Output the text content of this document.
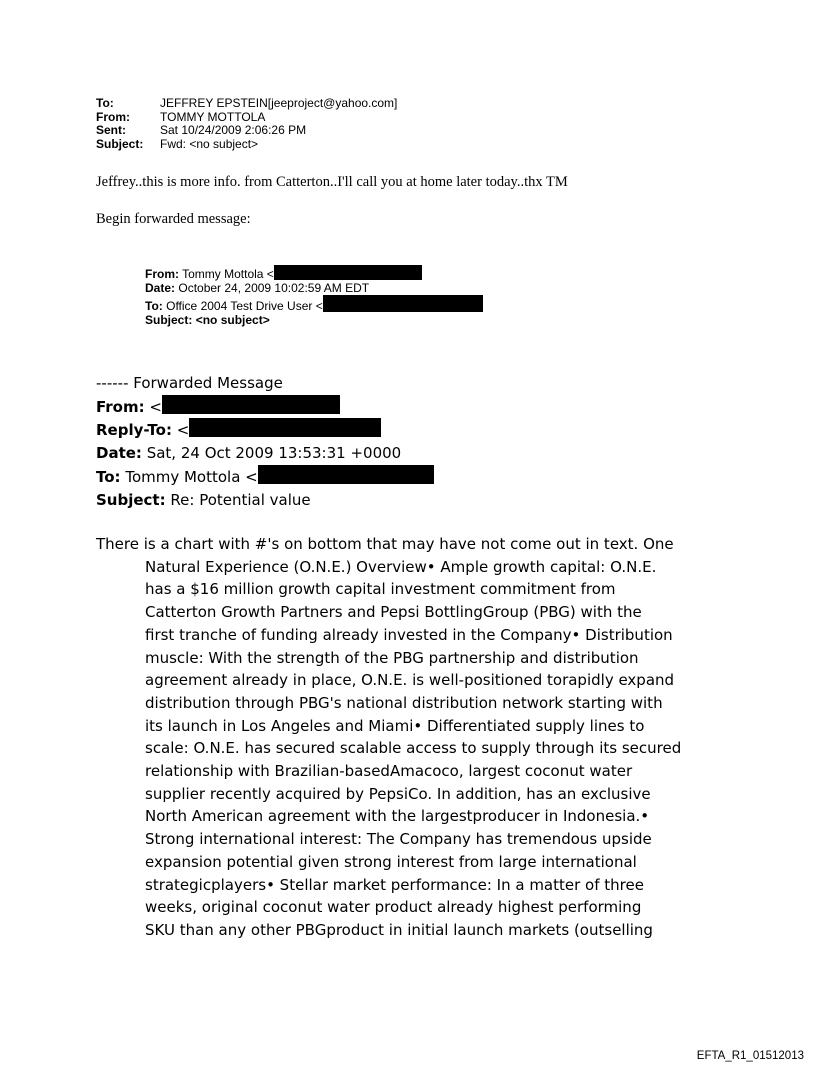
To:	JEFFREY EPSTEIN[jeeproject@yahoo.com]
From:	TOMMY MOTTOLA
Sent:	Sat 10/24/2009 2:06:26 PM
Subject:	Fwd: <no subject>
Jeffrey..this is more info. from Catterton..I'll call you at home later today..thx TM
Begin forwarded message:
From: Tommy Mottola <
Date: October 24, 2009 10:02:59 AM EDT
To: Office 2004 Test Drive User <
Subject: <no subject>
------ Forwarded Message
From: <
Reply-To: <
Date: Sat, 24 Oct 2009 13:53:31 +0000
To: Tommy Mottola <
Subject: Re: Potential value
There is a chart with #'s on bottom that may have not come out in text. One
Natural Experience (O.N.E.) Overview• Ample growth capital: O.N.E.
has a $16 million growth capital investment commitment from
Catterton Growth Partners and Pepsi BottlingGroup (PBG) with the
first tranche of funding already invested in the Company• Distribution
muscle: With the strength of the PBG partnership and distribution
agreement already in place, O.N.E. is well-positioned torapidly expand
distribution through PBG's national distribution network starting with
its launch in Los Angeles and Miami• Differentiated supply lines to
scale: O.N.E. has secured scalable access to supply through its secured
relationship with Brazilian-basedAmacoco, largest coconut water
supplier recently acquired by PepsiCo. In addition, has an exclusive
North American agreement with the largestproducer in Indonesia.•
Strong international interest: The Company has tremendous upside
expansion potential given strong interest from large international
strategicplayers• Stellar market performance: In a matter of three
weeks, original coconut water product already highest performing
SKU than any other PBGproduct in initial launch markets (outselling
EFTA_R1_01512013
